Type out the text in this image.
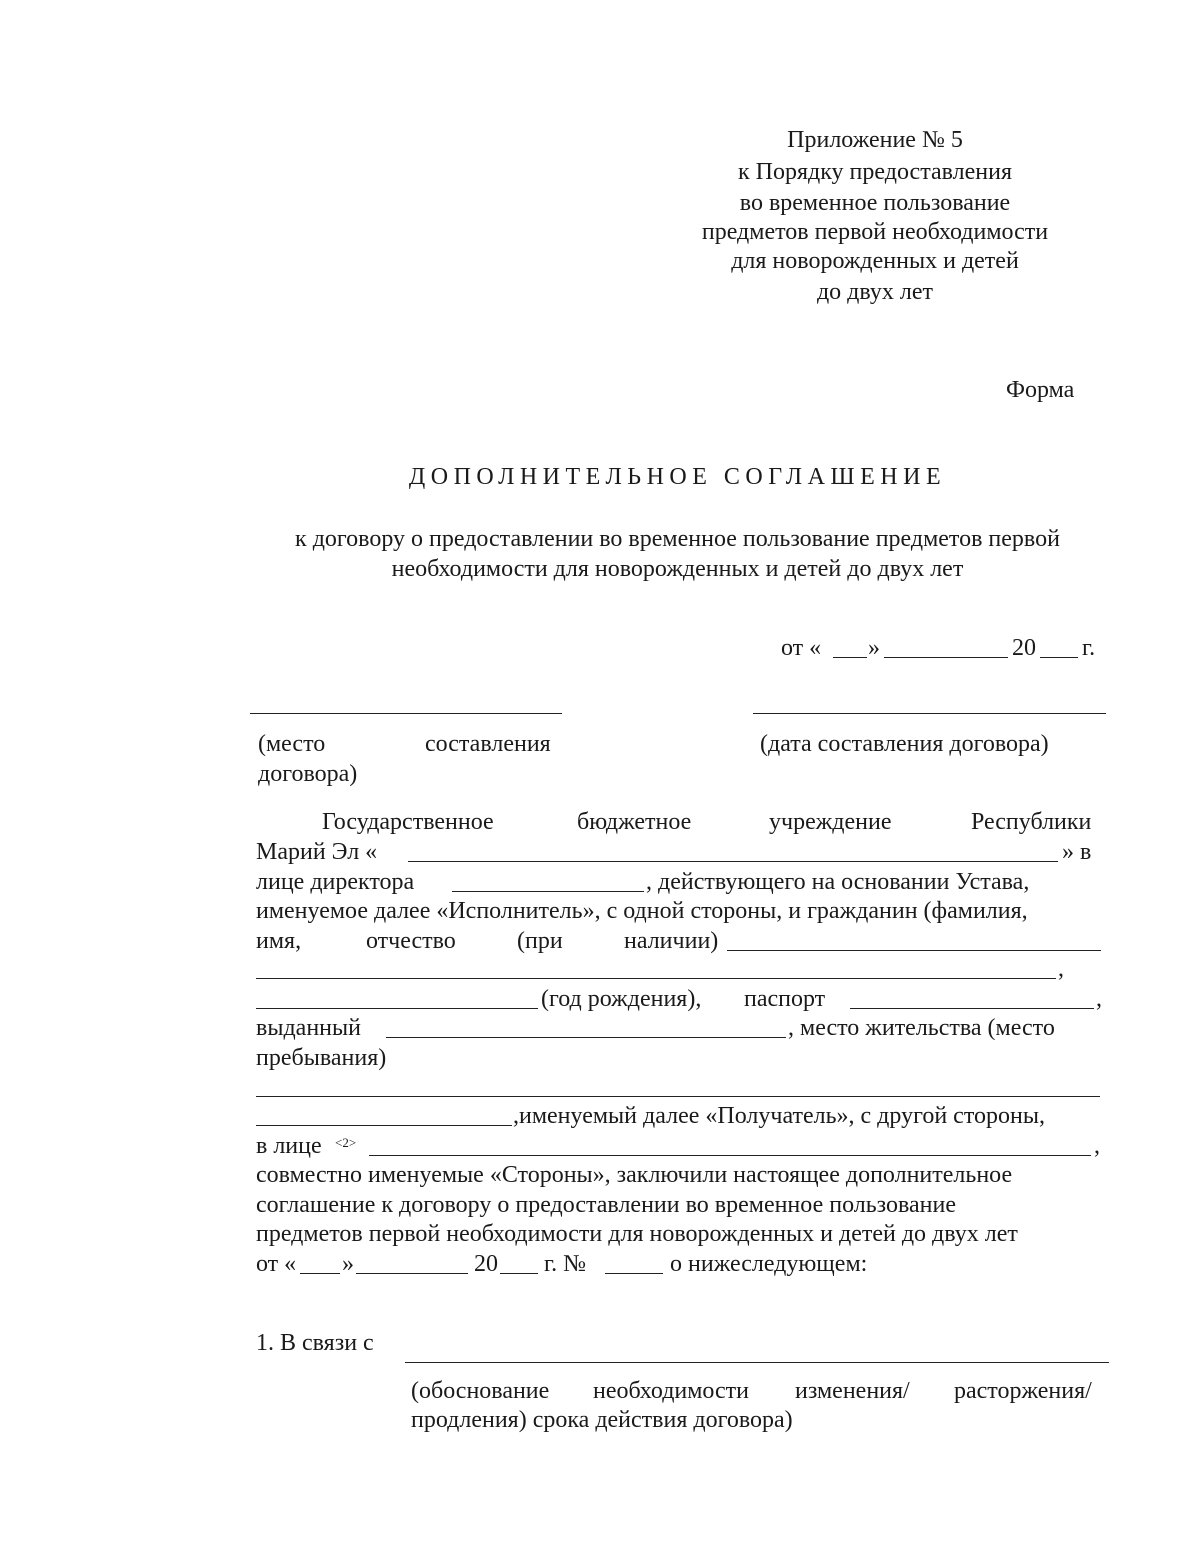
Приложение № 5
к Порядку предоставления
во временное пользование
предметов первой необходимости
для новорожденных и детей
до двух лет
Форма
ДОПОЛНИТЕЛЬНОЕ СОГЛАШЕНИЕ
к договору о предоставлении во временное пользование предметов первой
необходимости для новорожденных и детей до двух лет
от « »	20 г.
(место	составления
договора)
(дата составления договора)
Государственное	бюджетное	учреждение	Республики
Марий Эл «	» в
лице директора	, действующего на основании Устава,
именуемое далее «Исполнитель», с одной стороны, и гражданин (фамилия,
имя,	отчество	(при	наличии)
,
(год рождения), паспорт	,
выданный	, место жительства (место
пребывания)
,именуемый далее «Получатель», с другой стороны,
в лице <2>	,
совместно именуемые «Стороны», заключили настоящее дополнительное
соглашение к договору о предоставлении во временное пользование
предметов первой необходимости для новорожденных и детей до двух лет
от « »	20 г. №	о нижеследующем:
1. В связи с
(обоснование необходимости изменения/ расторжения/
продления) срока действия договора)
